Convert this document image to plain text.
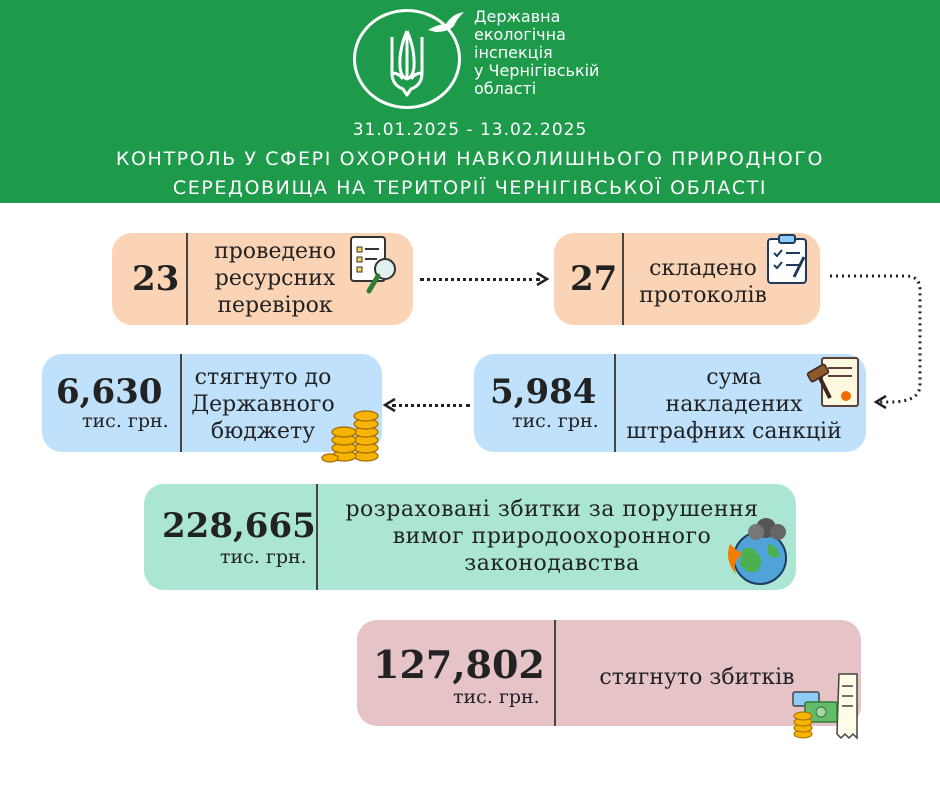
Державна
екологічна
інспекція
у Чернігівській
області
31.01.2025 - 13.02.2025
КОНТРОЛЬ У СФЕРІ ОХОРОНИ НАВКОЛИШНЬОГО ПРИРОДНОГО
СЕРЕДОВИЩА НА ТЕРИТОРІЇ ЧЕРНІГІВСЬКОЇ ОБЛАСТІ
23
проведено
ресурсних
перевірок
27	складено
протоколів
6,630
тис. грн.
стягнуто до
Державного
бюджету
5,984
тис. грн.
сума
накладених
штрафних санкцій
228,665
тис. грн.
розраховані збитки за порушення
вимог природоохоронного
законодавства
127,802
тис. грн.
стягнуто збитків
